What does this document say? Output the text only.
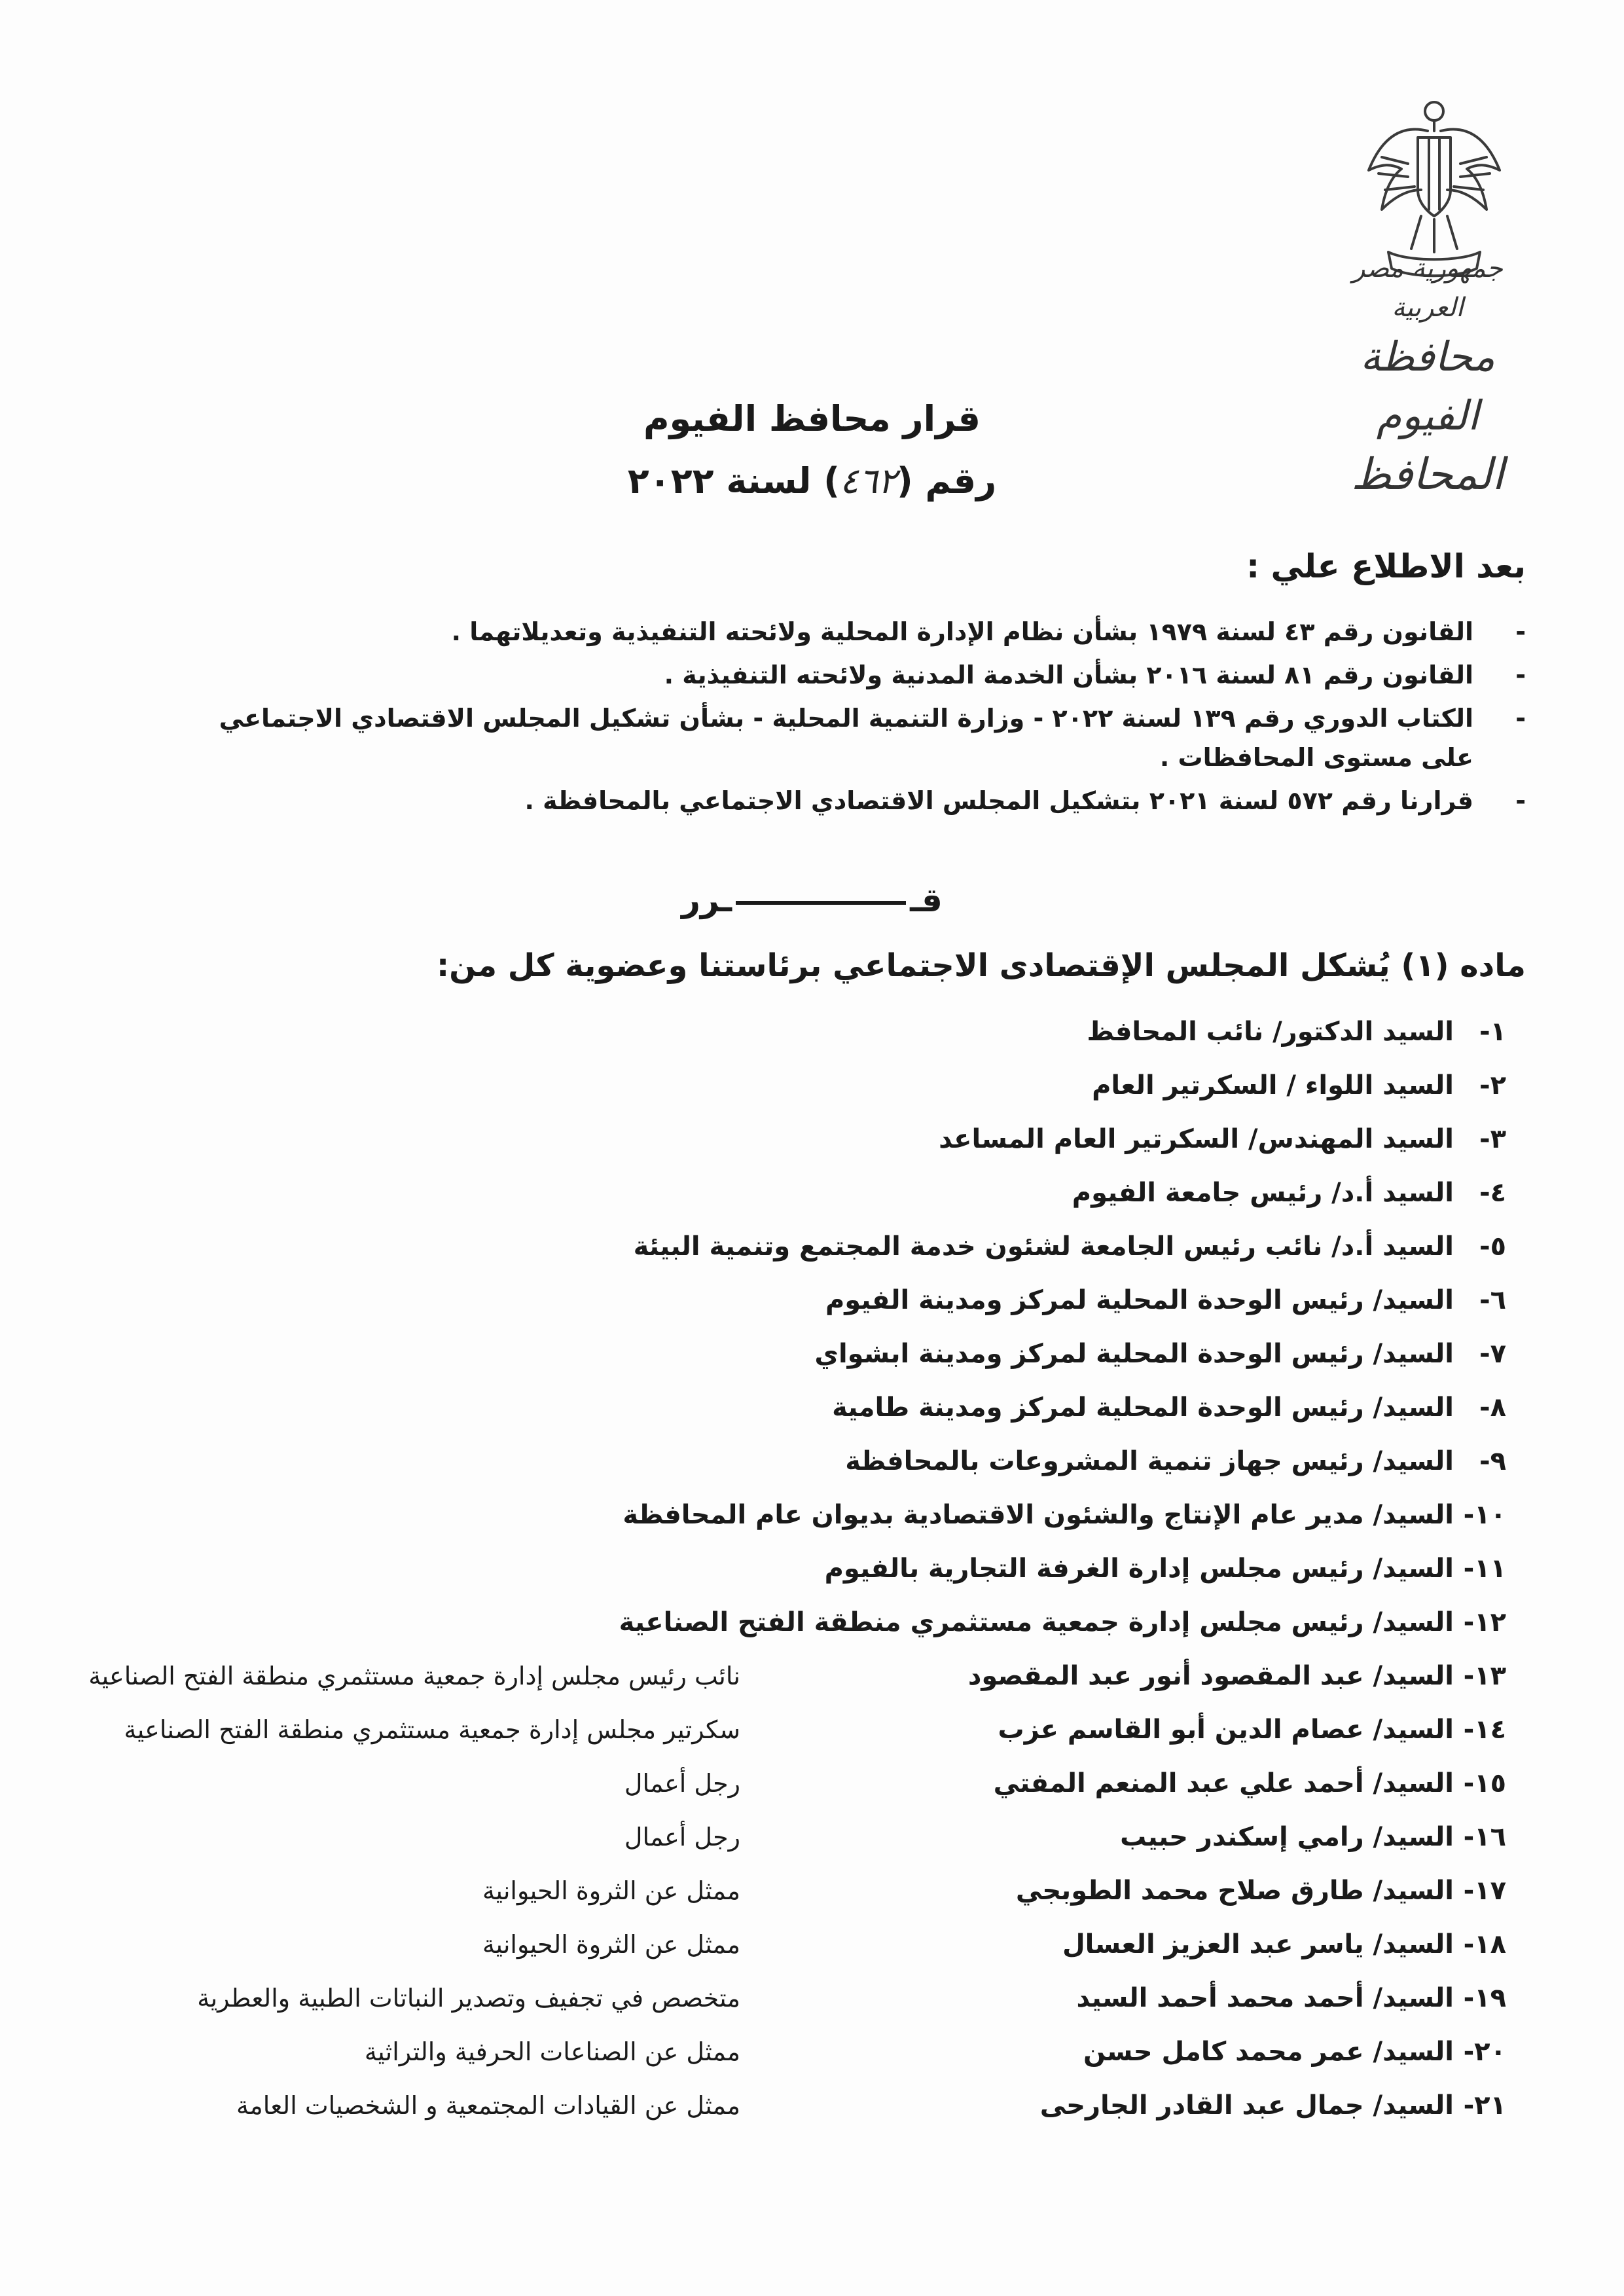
جمهورية مصر العربية
محافظة الفيوم
المحافظ
قرار محافظ الفيوم
رقم (٤٦٢) لسنة ٢٠٢٢
بعد الاطلاع علي :
-
القانون رقم ٤٣ لسنة ١٩٧٩ بشأن نظام الإدارة المحلية ولائحته التنفيذية وتعديلاتهما .
-
القانون رقم ٨١ لسنة ٢٠١٦ بشأن الخدمة المدنية ولائحته التنفيذية .
-
الكتاب الدوري رقم ١٣٩ لسنة ٢٠٢٢ - وزارة التنمية المحلية - بشأن تشكيل المجلس الاقتصادي الاجتماعي
على مستوى المحافظات .
-
قرارنا رقم ٥٧٢ لسنة ٢٠٢١ بتشكيل المجلس الاقتصادي الاجتماعي بالمحافظة .
قــرر
ماده (١) يُشكل المجلس الإقتصادى الاجتماعي برئاستنا وعضوية كل من:
١-السيد الدكتور/ نائب المحافظ
٢-السيد اللواء / السكرتير العام
٣-السيد المهندس/ السكرتير العام المساعد
٤-السيد أ.د/ رئيس جامعة الفيوم
٥-السيد أ.د/ نائب رئيس الجامعة لشئون خدمة المجتمع وتنمية البيئة
٦-السيد/ رئيس الوحدة المحلية لمركز ومدينة الفيوم
٧-السيد/ رئيس الوحدة المحلية لمركز ومدينة ابشواي
٨-السيد/ رئيس الوحدة المحلية لمركز ومدينة طامية
٩-السيد/ رئيس جهاز تنمية المشروعات بالمحافظة
١٠-السيد/ مدير عام الإنتاج والشئون الاقتصادية بديوان عام المحافظة
١١-السيد/ رئيس مجلس إدارة الغرفة التجارية بالفيوم
١٢-السيد/ رئيس مجلس إدارة جمعية مستثمري منطقة الفتح الصناعية
١٣-السيد/ عبد المقصود أنور عبد المقصود
نائب رئيس مجلس إدارة جمعية مستثمري منطقة الفتح الصناعية
١٤-السيد/ عصام الدين أبو القاسم عزب
سكرتير مجلس إدارة جمعية مستثمري منطقة الفتح الصناعية
١٥-السيد/ أحمد علي عبد المنعم المفتي
رجل أعمال
١٦-السيد/ رامي إسكندر حبيب
رجل أعمال
١٧-السيد/ طارق صلاح محمد الطوبجي
ممثل عن الثروة الحيوانية
١٨-السيد/ ياسر عبد العزيز العسال
ممثل عن الثروة الحيوانية
١٩-السيد/ أحمد محمد أحمد السيد
متخصص في تجفيف وتصدير النباتات الطبية والعطرية
٢٠-السيد/ عمر محمد كامل حسن
ممثل عن الصناعات الحرفية والتراثية
٢١-السيد/ جمال عبد القادر الجارحى
ممثل عن القيادات المجتمعية و الشخصيات العامة
